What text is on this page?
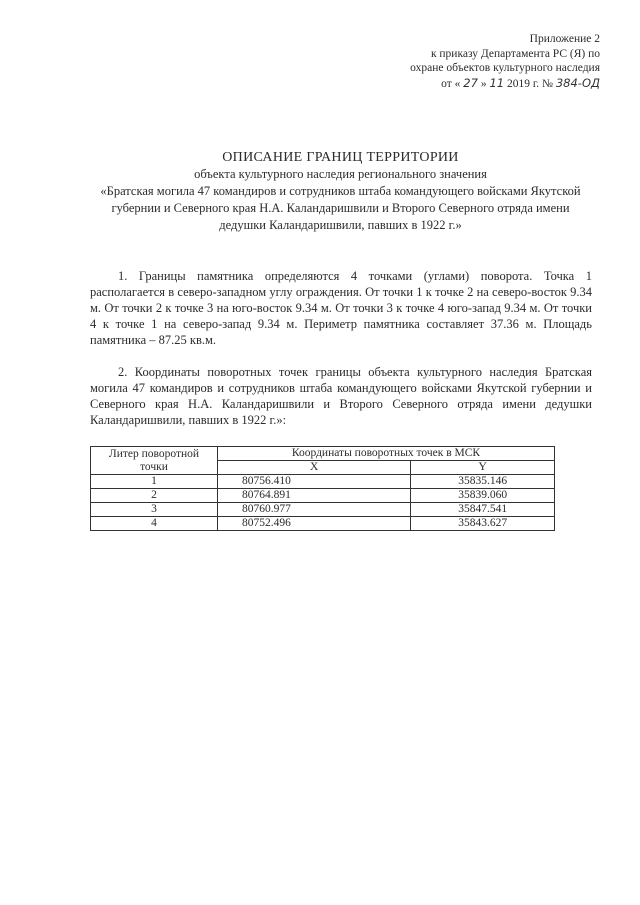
Приложение 2
к приказу Департамента РС (Я) по
охране объектов культурного наследия
от « 27 » 11 2019 г. № 384-ОД
ОПИСАНИЕ ГРАНИЦ ТЕРРИТОРИИ
объекта культурного наследия регионального значения
«Братская могила 47 командиров и сотрудников штаба командующего войсками Якутской
губернии и Северного края Н.А. Каландаришвили и Второго Северного отряда имени
дедушки Каландаришвили, павших в 1922 г.»
1. Границы памятника определяются 4 точками (углами) поворота. Точка 1 располагается в северо-западном углу ограждения. От точки 1 к точке 2 на северо-восток 9.34 м. От точки 2 к точке 3 на юго-восток 9.34 м. От точки 3 к точке 4 юго-запад 9.34 м. От точки 4 к точке 1 на северо-запад 9.34 м. Периметр памятника составляет 37.36 м. Площадь памятника – 87.25 кв.м.
2. Координаты поворотных точек границы объекта культурного наследия Братская могила 47 командиров и сотрудников штаба командующего войсками Якутской губернии и Северного края Н.А. Каландаришвили и Второго Северного отряда имени дедушки Каландаришвили, павших в 1922 г.»:
Литер поворотной точки	Координаты поворотных точек в МСК	
	X	Y
1	80756.410	35835.146
2	80764.891	35839.060
3	80760.977	35847.541
4	80752.496	35843.627
